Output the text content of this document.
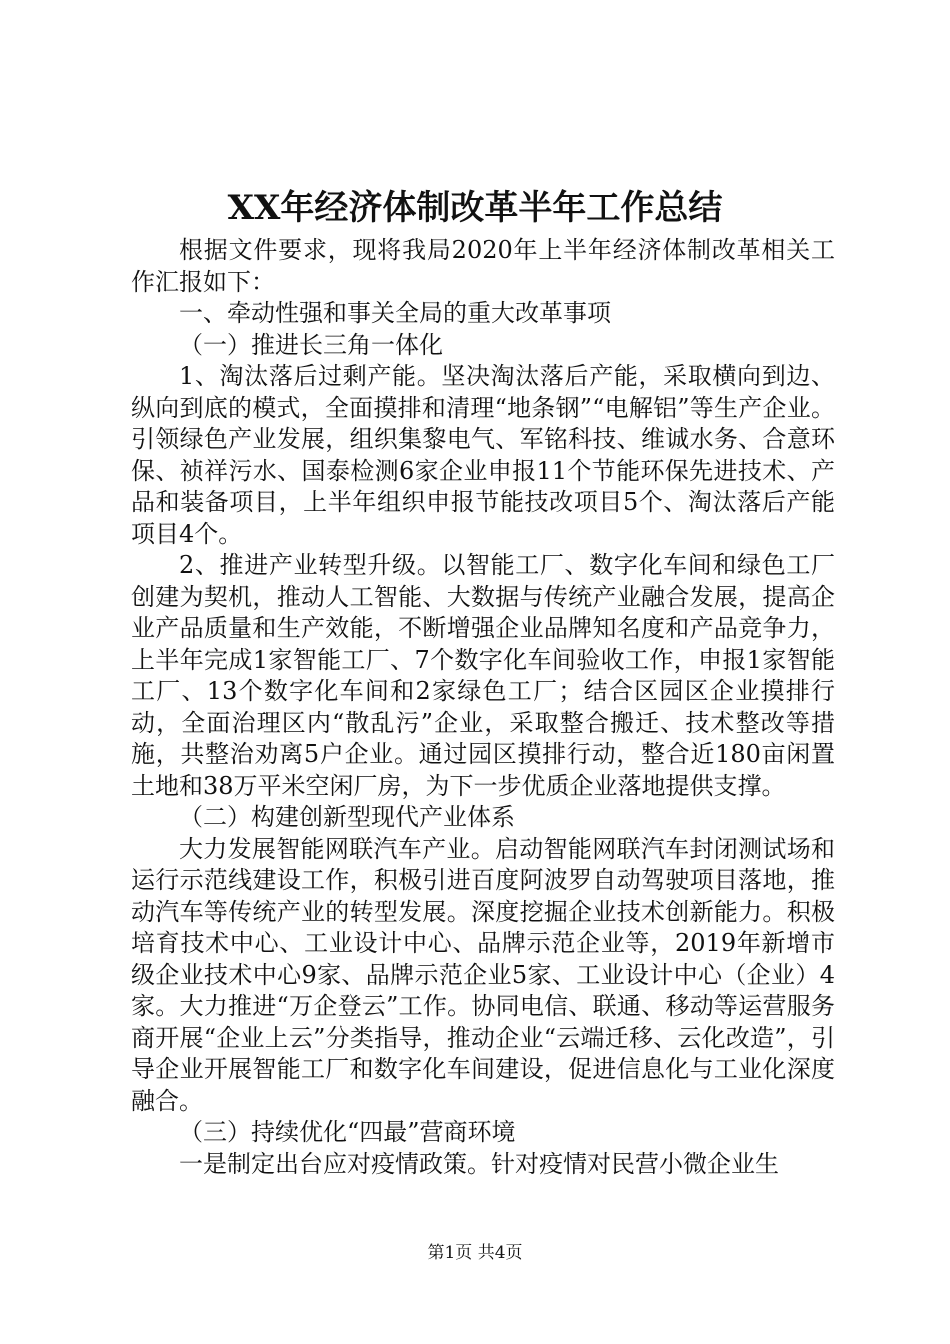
XX年经济体制改革半年工作总结

根据文件要求，现将我局2020年上半年经济体制改革相关工作汇报如下：

一、牵动性强和事关全局的重大改革事项

（一）推进长三角一体化

1、淘汰落后过剩产能。坚决淘汰落后产能，采取横向到边、纵向到底的模式，全面摸排和清理“地条钢”“电解铝”等生产企业。引领绿色产业发展，组织集黎电气、军铭科技、维诚水务、合意环保、祯祥污水、国泰检测6家企业申报11个节能环保先进技术、产品和装备项目，上半年组织申报节能技改项目5个、淘汰落后产能项目4个。

2、推进产业转型升级。以智能工厂、数字化车间和绿色工厂创建为契机，推动人工智能、大数据与传统产业融合发展，提高企业产品质量和生产效能，不断增强企业品牌知名度和产品竞争力，上半年完成1家智能工厂、7个数字化车间验收工作，申报1家智能工厂、13个数字化车间和2家绿色工厂；结合区园区企业摸排行动，全面治理区内“散乱污”企业，采取整合搬迁、技术整改等措施，共整治劝离5户企业。通过园区摸排行动，整合近180亩闲置土地和38万平米空闲厂房，为下一步优质企业落地提供支撑。

（二）构建创新型现代产业体系

大力发展智能网联汽车产业。启动智能网联汽车封闭测试场和运行示范线建设工作，积极引进百度阿波罗自动驾驶项目落地，推动汽车等传统产业的转型发展。深度挖掘企业技术创新能力。积极培育技术中心、工业设计中心、品牌示范企业等，2019年新增市级企业技术中心9家、品牌示范企业5家、工业设计中心（企业）4家。大力推进“万企登云”工作。协同电信、联通、移动等运营服务商开展“企业上云”分类指导，推动企业“云端迁移、云化改造”，引导企业开展智能工厂和数字化车间建设，促进信息化与工业化深度融合。

（三）持续优化“四最”营商环境

一是制定出台应对疫情政策。针对疫情对民营小微企业生

第1页 共4页
